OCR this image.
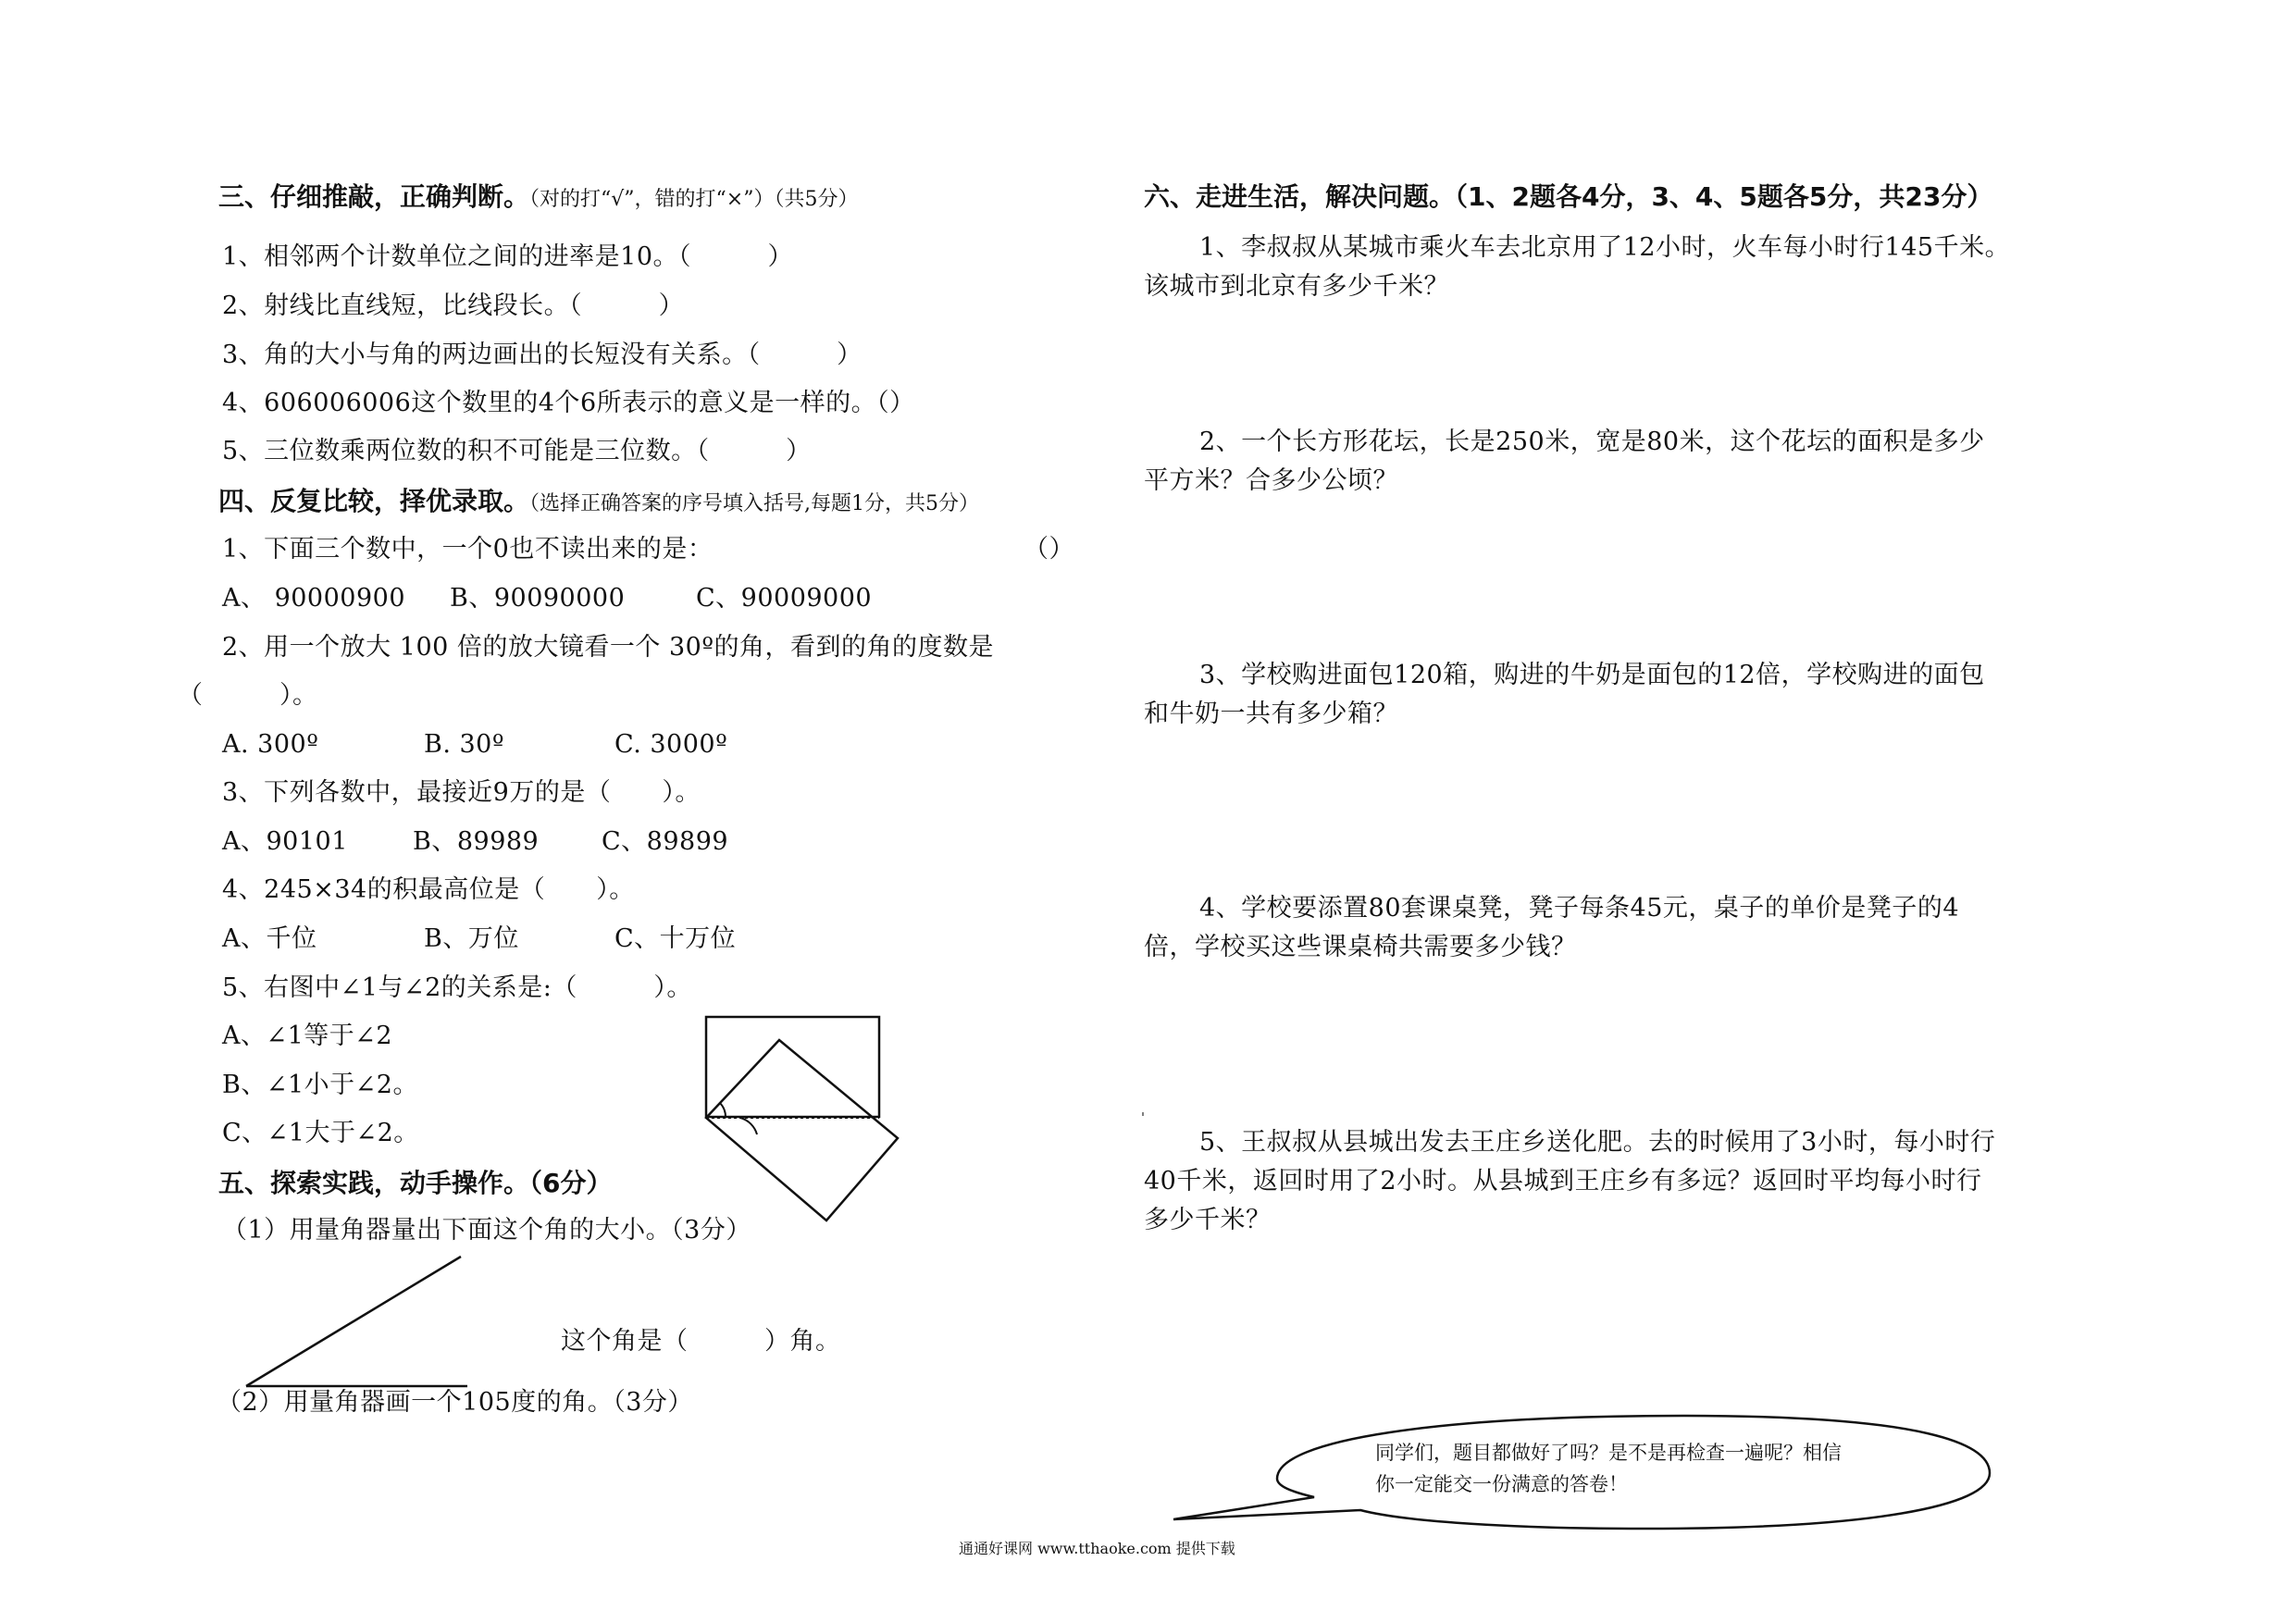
三、仔细推敲，正确判断。（对的打“√”，错的打“×”）（共5分）
1、相邻两个计数单位之间的进率是10。（　　　）
2、射线比直线短，比线段长。（　　　）
3、角的大小与角的两边画出的长短没有关系。（　　　）
4、606006006这个数里的4个6所表示的意义是一样的。（）
5、三位数乘两位数的积不可能是三位数。（　　　）
四、反复比较，择优录取。（选择正确答案的序号填入括号,每题1分，共5分）
1、下面三个数中，一个0也不读出来的是：	（）
A、 90000900 B、90090000	C、90009000
2、用一个放大 100 倍的放大镜看一个 30º的角，看到的角的度数是
（　　　）。
A. 300º	B. 30º	C. 3000º
3、下列各数中，最接近9万的是（　　）。
A、90101	B、89989	C、89899
4、245×34的积最高位是（　　）。
A、千位	B、万位	C、十万位
5、右图中∠1与∠2的关系是:（　　　）。
A、∠1等于∠2
B、∠1小于∠2。
C、∠1大于∠2。
五、探索实践，动手操作。（6分）
（1）用量角器量出下面这个角的大小。（3分）
这个角是（　　　）角。
（2）用量角器画一个105度的角。（3分）
六、走进生活，解决问题。（1、2题各4分，3、4、5题各5分，共23分）
1、李叔叔从某城市乘火车去北京用了12小时，火车每小时行145千米。
该城市到北京有多少千米？
2、一个长方形花坛，长是250米，宽是80米，这个花坛的面积是多少
平方米？合多少公顷？
3、学校购进面包120箱，购进的牛奶是面包的12倍，学校购进的面包
和牛奶一共有多少箱？
4、学校要添置80套课桌凳，凳子每条45元，桌子的单价是凳子的4
倍，学校买这些课桌椅共需要多少钱？
5、王叔叔从县城出发去王庄乡送化肥。去的时候用了3小时，每小时行
40千米，返回时用了2小时。从县城到王庄乡有多远？返回时平均每小时行
多少千米？
同学们，题目都做好了吗？是不是再检查一遍呢？相信
你一定能交一份满意的答卷！
通通好课网 www.tthaoke.com 提供下载
